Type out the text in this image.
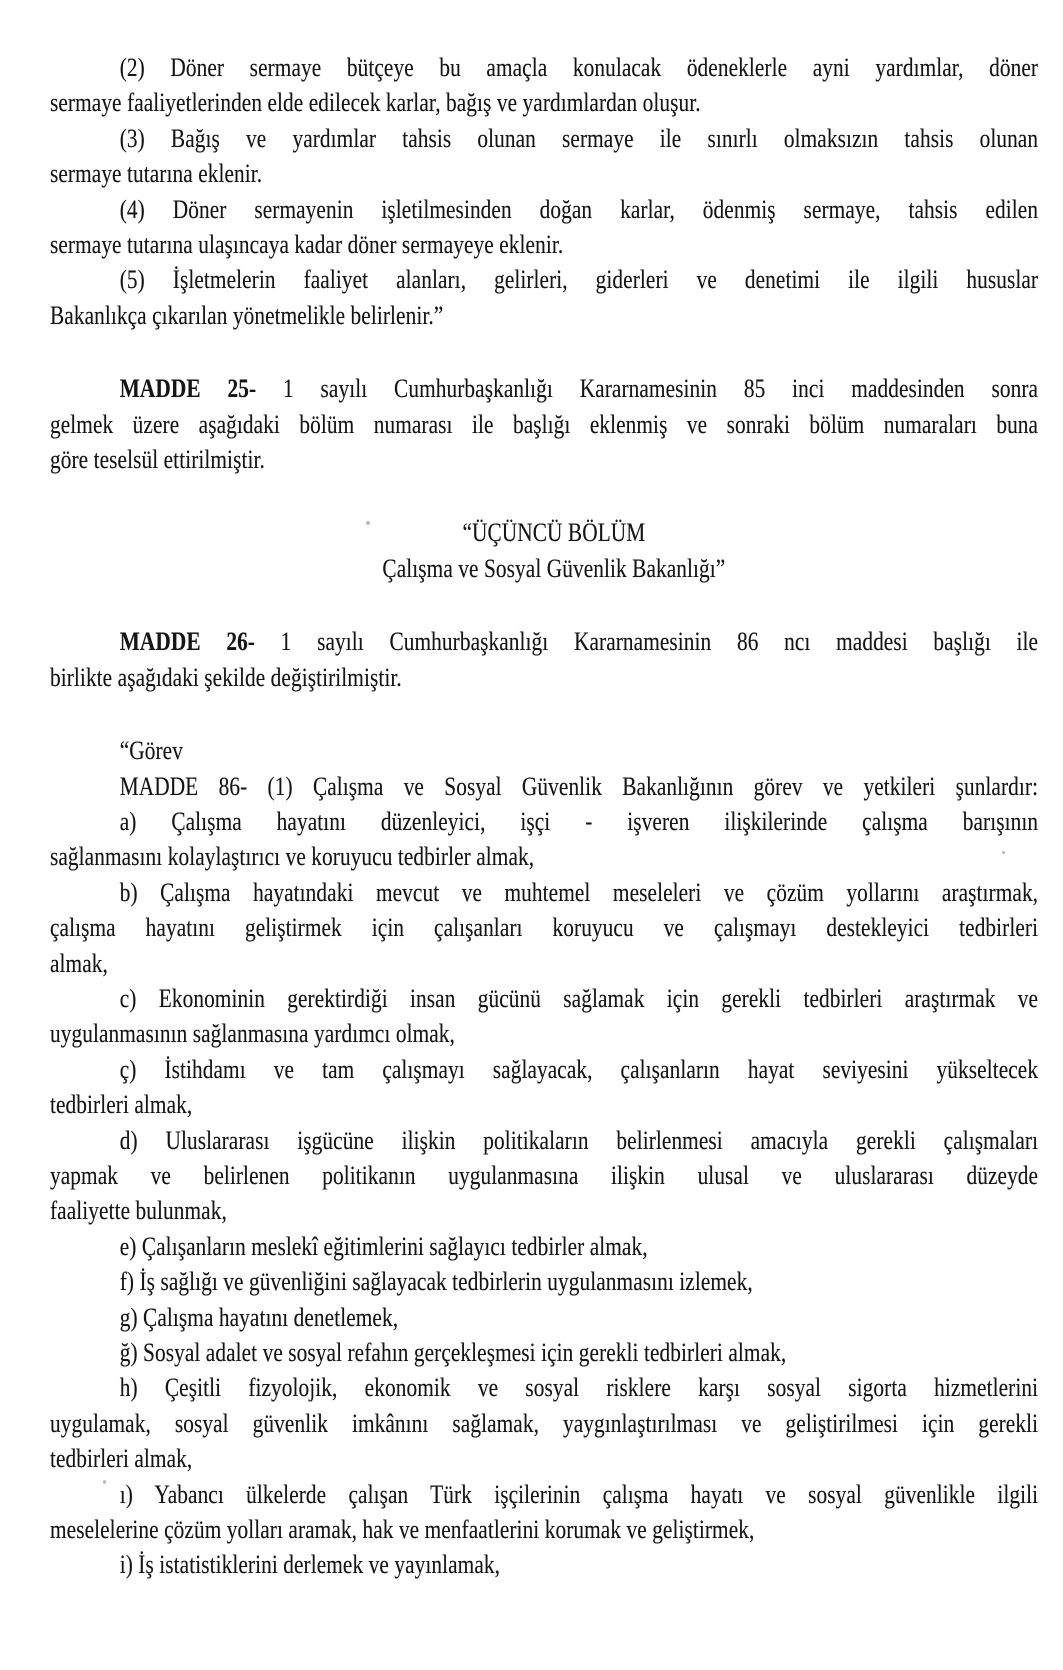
(2) Döner sermaye bütçeye bu amaçla konulacak ödeneklerle ayni yardımlar, döner
sermaye faaliyetlerinden elde edilecek karlar, bağış ve yardımlardan oluşur.
(3) Bağış ve yardımlar tahsis olunan sermaye ile sınırlı olmaksızın tahsis olunan
sermaye tutarına eklenir.
(4) Döner sermayenin işletilmesinden doğan karlar, ödenmiş sermaye, tahsis edilen
sermaye tutarına ulaşıncaya kadar döner sermayeye eklenir.
(5) İşletmelerin faaliyet alanları, gelirleri, giderleri ve denetimi ile ilgili hususlar
Bakanlıkça çıkarılan yönetmelikle belirlenir.”
MADDE 25- 1 sayılı Cumhurbaşkanlığı Kararnamesinin 85 inci maddesinden sonra
gelmek üzere aşağıdaki bölüm numarası ile başlığı eklenmiş ve sonraki bölüm numaraları buna
göre teselsül ettirilmiştir.
“ÜÇÜNCÜ BÖLÜM
Çalışma ve Sosyal Güvenlik Bakanlığı”
MADDE 26- 1 sayılı Cumhurbaşkanlığı Kararnamesinin 86 ncı maddesi başlığı ile
birlikte aşağıdaki şekilde değiştirilmiştir.
“Görev
MADDE 86- (1) Çalışma ve Sosyal Güvenlik Bakanlığının görev ve yetkileri şunlardır:
a) Çalışma hayatını düzenleyici, işçi - işveren ilişkilerinde çalışma barışının
sağlanmasını kolaylaştırıcı ve koruyucu tedbirler almak,
b) Çalışma hayatındaki mevcut ve muhtemel meseleleri ve çözüm yollarını araştırmak,
çalışma hayatını geliştirmek için çalışanları koruyucu ve çalışmayı destekleyici tedbirleri
almak,
c) Ekonominin gerektirdiği insan gücünü sağlamak için gerekli tedbirleri araştırmak ve
uygulanmasının sağlanmasına yardımcı olmak,
ç) İstihdamı ve tam çalışmayı sağlayacak, çalışanların hayat seviyesini yükseltecek
tedbirleri almak,
d) Uluslararası işgücüne ilişkin politikaların belirlenmesi amacıyla gerekli çalışmaları
yapmak ve belirlenen politikanın uygulanmasına ilişkin ulusal ve uluslararası düzeyde
faaliyette bulunmak,
e) Çalışanların meslekî eğitimlerini sağlayıcı tedbirler almak,
f) İş sağlığı ve güvenliğini sağlayacak tedbirlerin uygulanmasını izlemek,
g) Çalışma hayatını denetlemek,
ğ) Sosyal adalet ve sosyal refahın gerçekleşmesi için gerekli tedbirleri almak,
h) Çeşitli fizyolojik, ekonomik ve sosyal risklere karşı sosyal sigorta hizmetlerini
uygulamak, sosyal güvenlik imkânını sağlamak, yaygınlaştırılması ve geliştirilmesi için gerekli
tedbirleri almak,
ı) Yabancı ülkelerde çalışan Türk işçilerinin çalışma hayatı ve sosyal güvenlikle ilgili
meselelerine çözüm yolları aramak, hak ve menfaatlerini korumak ve geliştirmek,
i) İş istatistiklerini derlemek ve yayınlamak,
